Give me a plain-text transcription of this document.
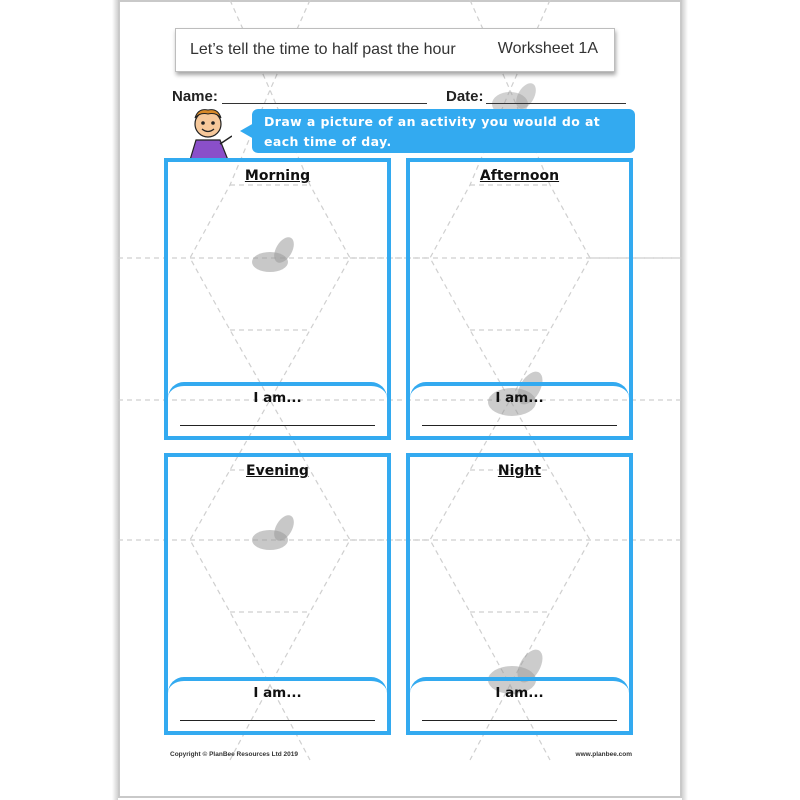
Let’s tell the time to half past the hour	Worksheet 1A
Name:	Date:
Draw a picture of an activity you would do at each time of day.
Morning
I am...
Afternoon
I am...
Evening
I am...
Night
I am...
Copyright © PlanBee Resources Ltd 2019	www.planbee.com
